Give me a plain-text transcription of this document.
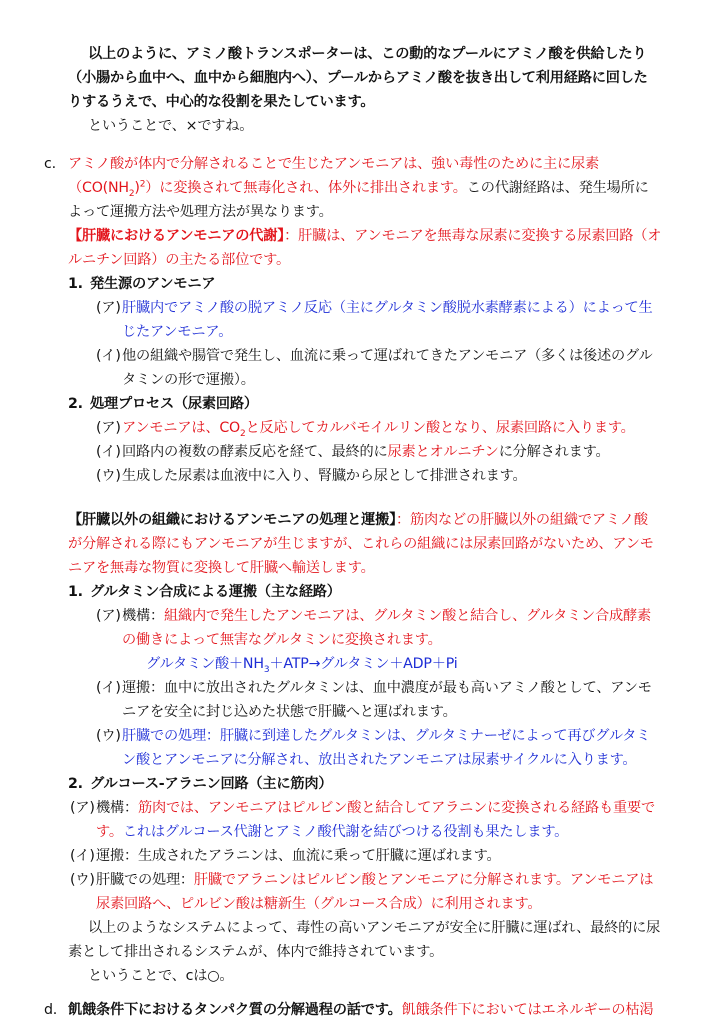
以上のように、アミノ酸トランスポーターは、この動的なプールにアミノ酸を供給したり
（小腸から血中へ、血中から細胞内へ）、プールからアミノ酸を抜き出して利用経路に回した
りするうえで、中心的な役割を果たしています。
ということで、×ですね。
c. アミノ酸が体内で分解されることで生じたアンモニアは、強い毒性のために主に尿素
$(CO(NH_2)^2)$に変換されて無毒化され、体外に排出されます。この代謝経路は、発生場所に
よって運搬方法や処理方法が異なります。
【肝臓におけるアンモニアの代謝】：肝臓は、アンモニアを無毒な尿素に変換する尿素回路（オ
ルニチン回路）の主たる部位です。
1. 発生源のアンモニア
(ア)肝臓内でアミノ酸の脱アミノ反応（主にグルタミン酸脱水素酵素による）によって生
じたアンモニア。
(イ)他の組織や腸管で発生し、血流に乗って運ばれてきたアンモニア（多くは後述のグル
タミンの形で運搬）。
2. 処理プロセス（尿素回路）
(ア)アンモニアは、$CO_2$と反応してカルバモイルリン酸となり、尿素回路に入ります。
(イ)回路内の複数の酵素反応を経て、最終的に尿素とオルニチンに分解されます。
(ウ)生成した尿素は血液中に入り、腎臓から尿として排泄されます。
【肝臓以外の組織におけるアンモニアの処理と運搬】：筋肉などの肝臓以外の組織でアミノ酸
が分解される際にもアンモニアが生じますが、これらの組織には尿素回路がないため、アンモ
ニアを無毒な物質に変換して肝臓へ輸送します。
1. グルタミン合成による運搬（主な経路）
(ア)機構：組織内で発生したアンモニアは、グルタミン酸と結合し、グルタミン合成酵素
の働きによって無害なグルタミンに変換されます。
グルタミン酸$+NH_3+ATP\to$グルタミン＋ADP＋Pi
(イ)運搬：血中に放出されたグルタミンは、血中濃度が最も高いアミノ酸として、アンモ
ニアを安全に封じ込めた状態で肝臓へと運ばれます。
(ウ)肝臓での処理：肝臓に到達したグルタミンは、グルタミナーゼによって再びグルタミ
ン酸とアンモニアに分解され、放出されたアンモニアは尿素サイクルに入ります。
2. グルコース-アラニン回路（主に筋肉）
(ア)機構：筋肉では、アンモニアはピルビン酸と結合してアラニンに変換される経路も重要で
す。これはグルコース代謝とアミノ酸代謝を結びつける役割も果たします。
(イ)運搬：生成されたアラニンは、血流に乗って肝臓に運ばれます。
(ウ)肝臓での処理：肝臓でアラニンはピルビン酸とアンモニアに分解されます。アンモニアは
尿素回路へ、ピルビン酸は糖新生（グルコース合成）に利用されます。
以上のようなシステムによって、毒性の高いアンモニアが安全に肝臓に運ばれ、最終的に尿
素として排出されるシステムが、体内で維持されています。
ということで、cは○。
d. 飢餓条件下におけるタンパク質の分解過程の話です。飢餓条件下においてはエネルギーの枯渇
